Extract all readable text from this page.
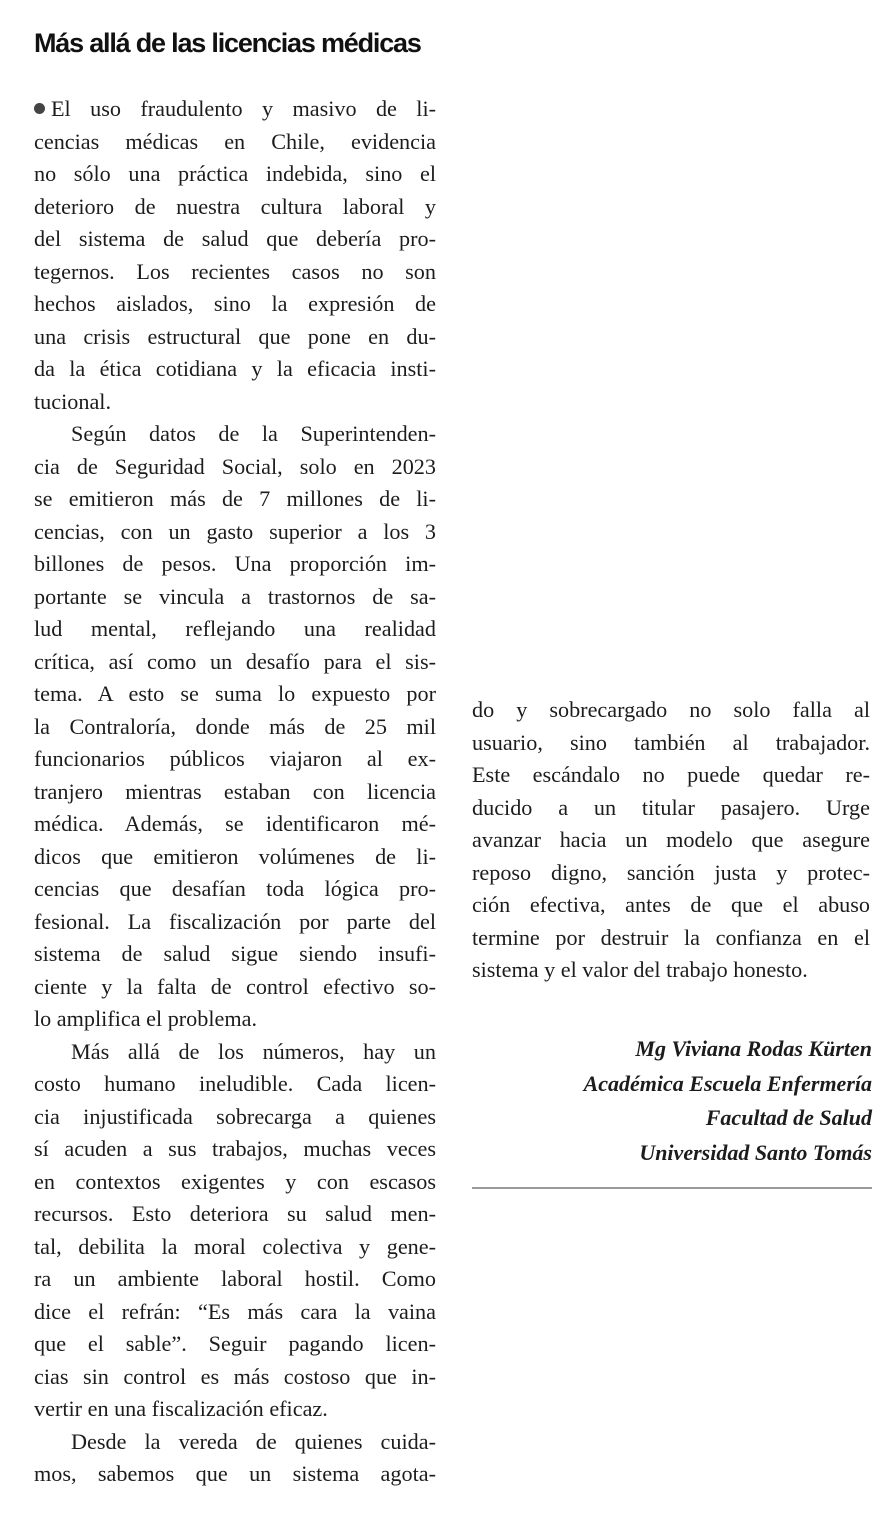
Más allá de las licencias médicas

El uso fraudulento y masivo de li-
cencias médicas en Chile, evidencia
no sólo una práctica indebida, sino el
deterioro de nuestra cultura laboral y
del sistema de salud que debería pro-
tegernos. Los recientes casos no son
hechos aislados, sino la expresión de
una crisis estructural que pone en du-
da la ética cotidiana y la eficacia insti-
tucional.

Según datos de la Superintenden-
cia de Seguridad Social, solo en 2023
se emitieron más de 7 millones de li-
cencias, con un gasto superior a los 3
billones de pesos. Una proporción im-
portante se vincula a trastornos de sa-
lud mental, reflejando una realidad
crítica, así como un desafío para el sis-
tema. A esto se suma lo expuesto por
la Contraloría, donde más de 25 mil
funcionarios públicos viajaron al ex-
tranjero mientras estaban con licencia
médica. Además, se identificaron mé-
dicos que emitieron volúmenes de li-
cencias que desafían toda lógica pro-
fesional. La fiscalización por parte del
sistema de salud sigue siendo insufi-
ciente y la falta de control efectivo so-
lo amplifica el problema.

Más allá de los números, hay un
costo humano ineludible. Cada licen-
cia injustificada sobrecarga a quienes
sí acuden a sus trabajos, muchas veces
en contextos exigentes y con escasos
recursos. Esto deteriora su salud men-
tal, debilita la moral colectiva y gene-
ra un ambiente laboral hostil. Como
dice el refrán: “Es más cara la vaina
que el sable”. Seguir pagando licen-
cias sin control es más costoso que in-
vertir en una fiscalización eficaz.

Desde la vereda de quienes cuida-
mos, sabemos que un sistema agota-

do y sobrecargado no solo falla al
usuario, sino también al trabajador.
Este escándalo no puede quedar re-
ducido a un titular pasajero. Urge
avanzar hacia un modelo que asegure
reposo digno, sanción justa y protec-
ción efectiva, antes de que el abuso
termine por destruir la confianza en el
sistema y el valor del trabajo honesto.

Mg Viviana Rodas Kürten
Académica Escuela Enfermería
Facultad de Salud
Universidad Santo Tomás
